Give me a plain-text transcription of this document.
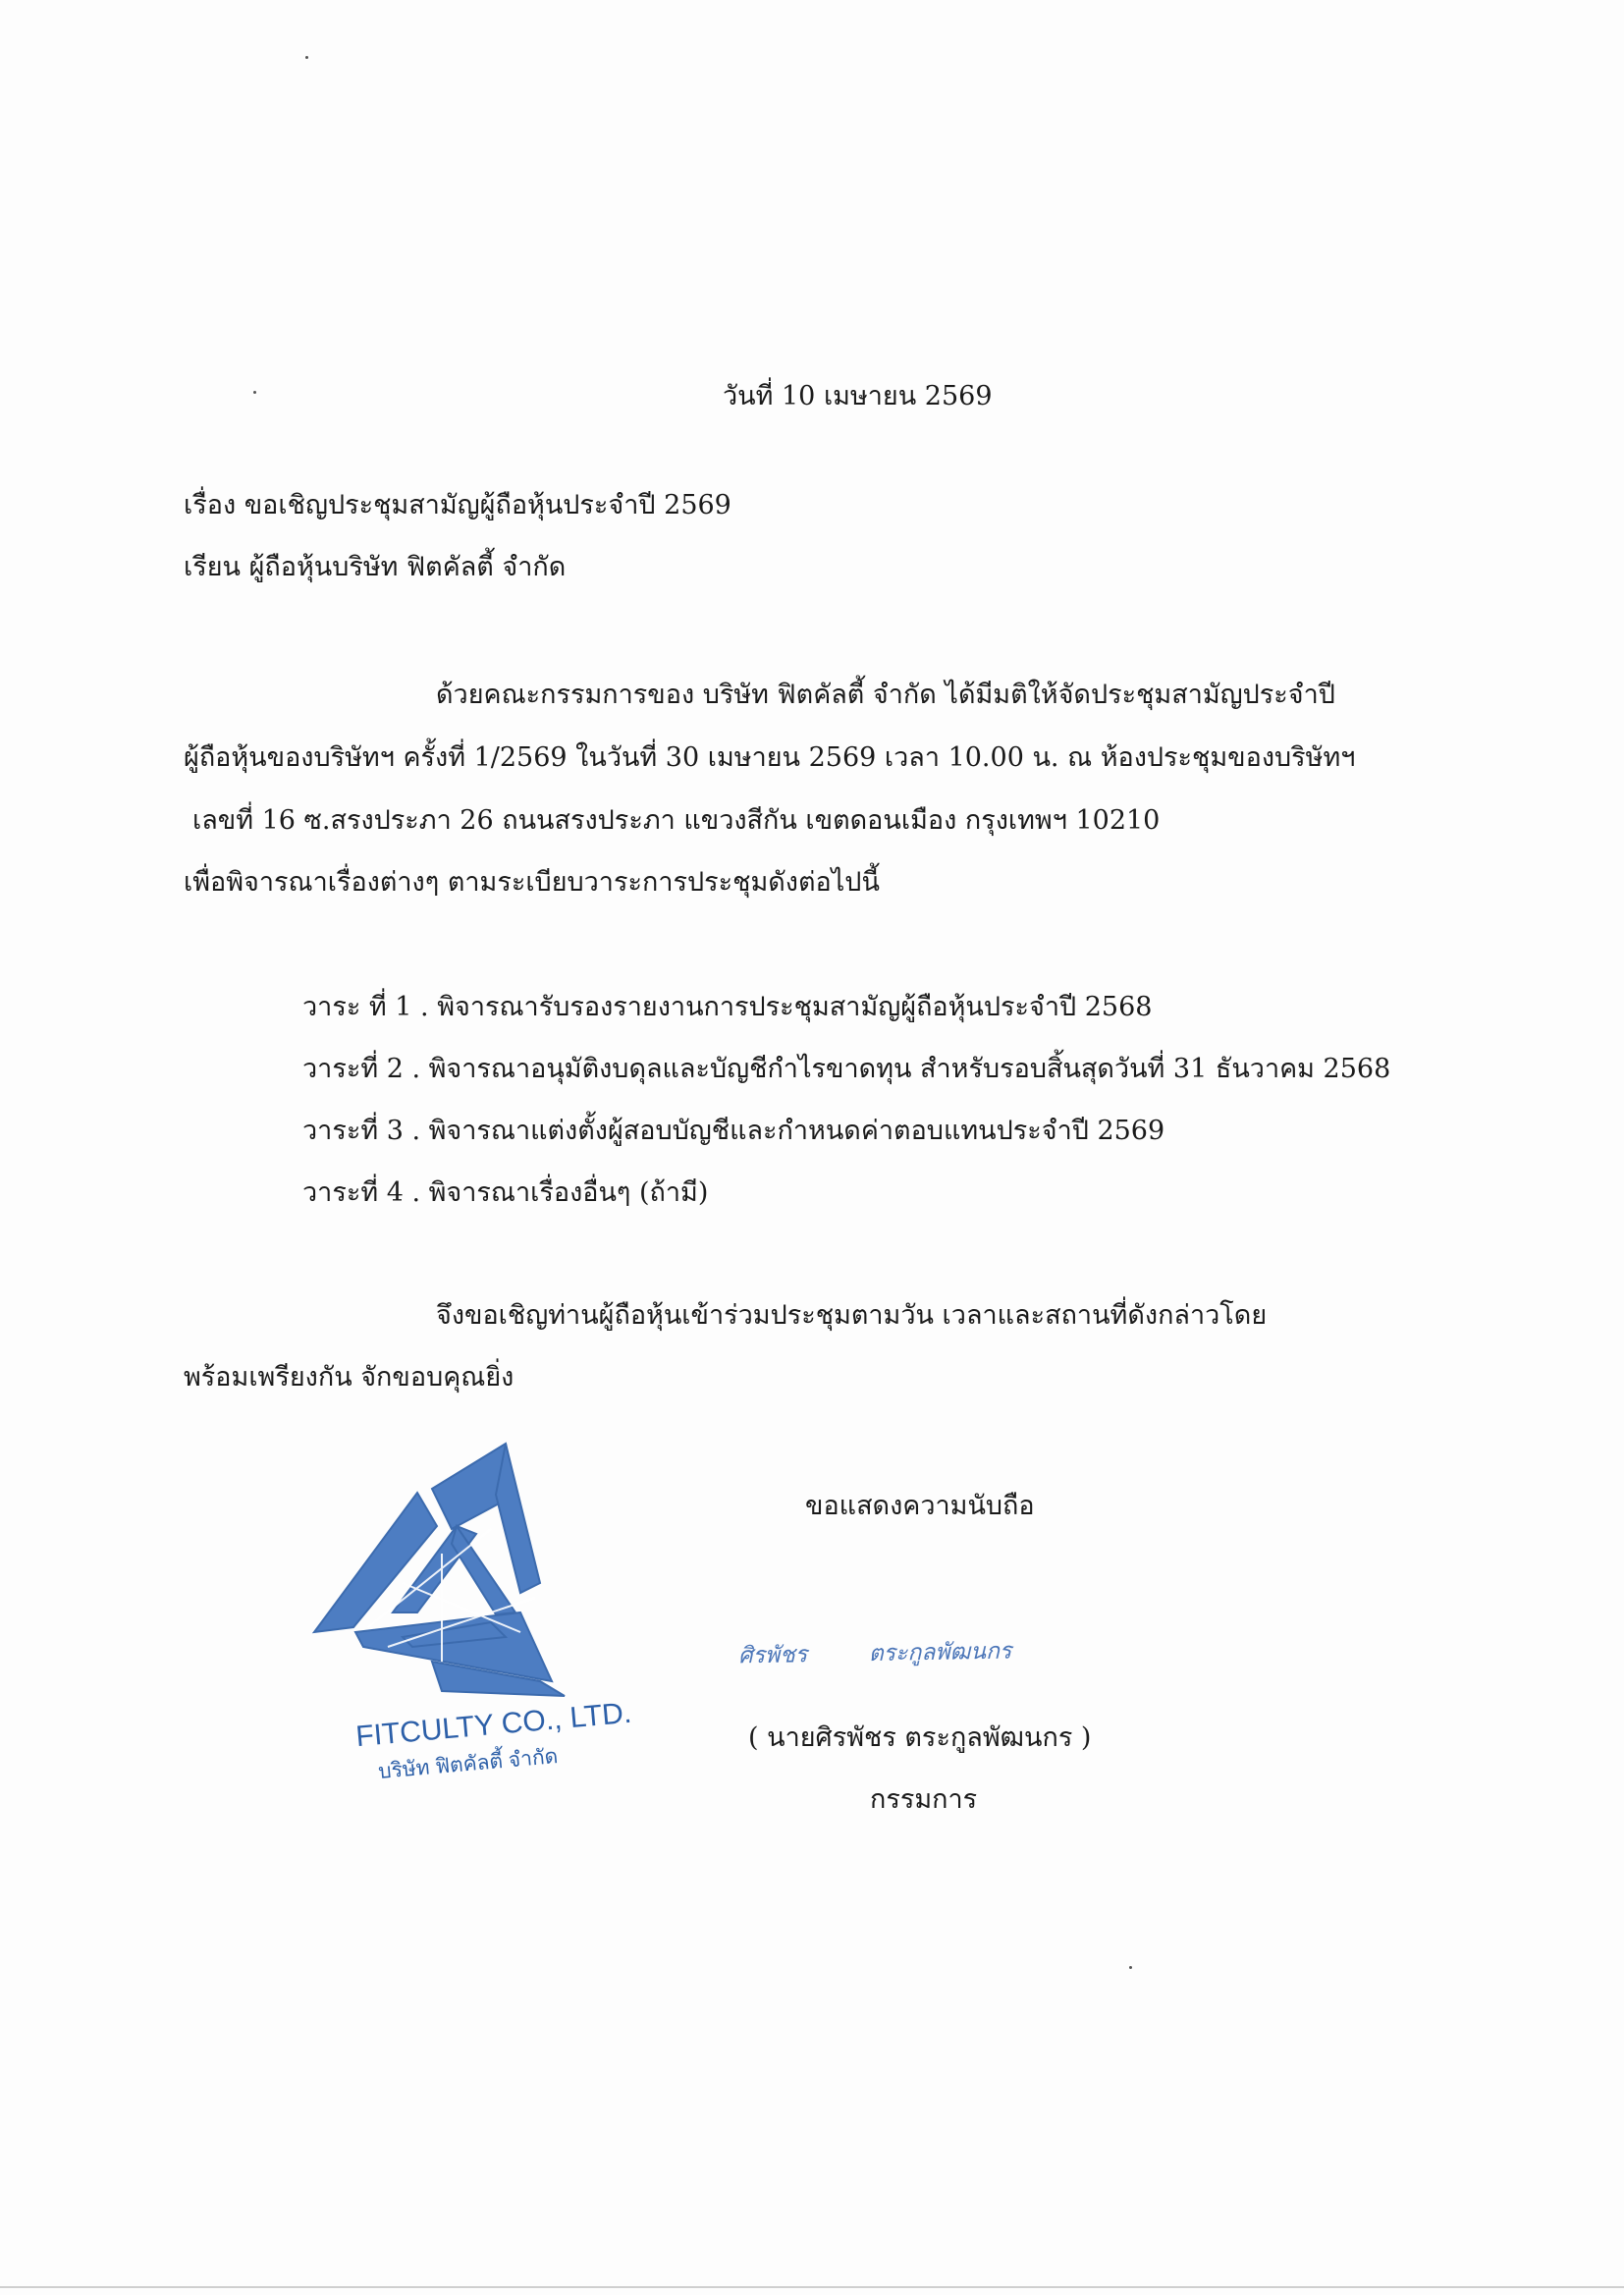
วันที่ 10 เมษายน 2569
เรื่อง ขอเชิญประชุมสามัญผู้ถือหุ้นประจำปี 2569
เรียน ผู้ถือหุ้นบริษัท ฟิตคัลตี้ จำกัด
ด้วยคณะกรรมการของ บริษัท ฟิตคัลตี้ จำกัด ได้มีมติให้จัดประชุมสามัญประจำปี
ผู้ถือหุ้นของบริษัทฯ ครั้งที่ 1/2569 ในวันที่ 30 เมษายน 2569 เวลา 10.00 น. ณ ห้องประชุมของบริษัทฯ
เลขที่ 16 ซ.สรงประภา 26 ถนนสรงประภา แขวงสีกัน เขตดอนเมือง กรุงเทพฯ 10210
เพื่อพิจารณาเรื่องต่างๆ ตามระเบียบวาระการประชุมดังต่อไปนี้
วาระ ที่ 1 . พิจารณารับรองรายงานการประชุมสามัญผู้ถือหุ้นประจำปี 2568
วาระที่ 2 . พิจารณาอนุมัติงบดุลและบัญชีกำไรขาดทุน สำหรับรอบสิ้นสุดวันที่ 31 ธันวาคม 2568
วาระที่ 3 . พิจารณาแต่งตั้งผู้สอบบัญชีและกำหนดค่าตอบแทนประจำปี 2569
วาระที่ 4 . พิจารณาเรื่องอื่นๆ (ถ้ามี)
จึงขอเชิญท่านผู้ถือหุ้นเข้าร่วมประชุมตามวัน เวลาและสถานที่ดังกล่าวโดย
พร้อมเพรียงกัน จักขอบคุณยิ่ง
ขอแสดงความนับถือ
ศิรพัชร	ตระกูลพัฒนกร
( นายศิรพัชร ตระกูลพัฒนกร )
กรรมการ
FITCULTY CO., LTD.
บริษัท ฟิตคัลตี้ จำกัด
